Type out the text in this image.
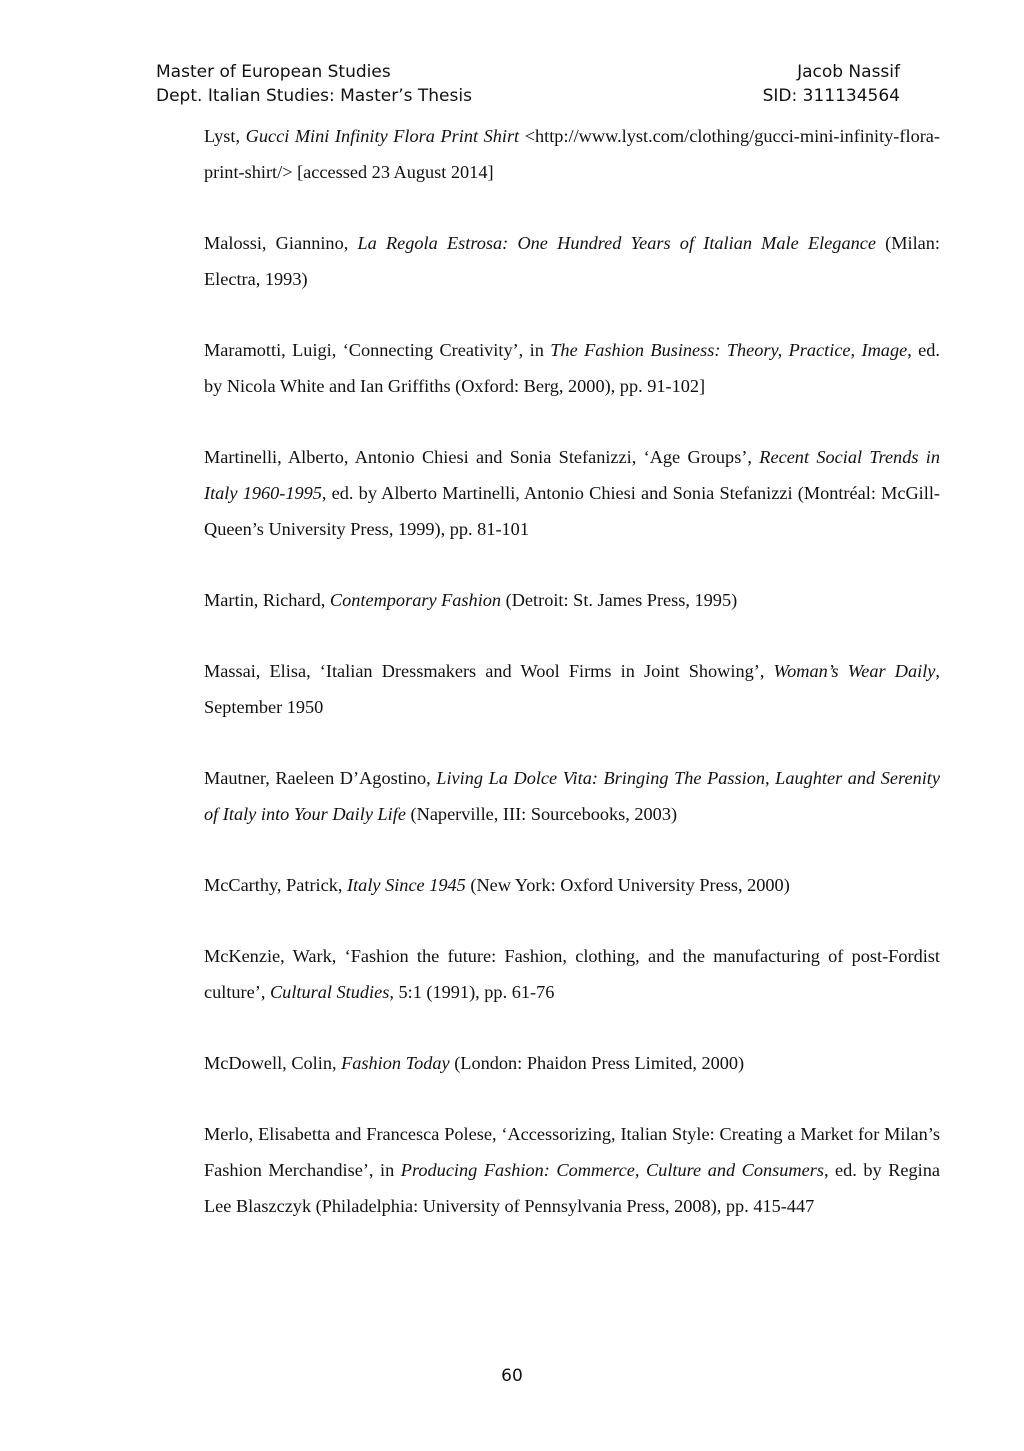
Master of European Studies	Jacob Nassif
Dept. Italian Studies: Master’s Thesis	SID: 311134564

Lyst, Gucci Mini Infinity Flora Print Shirt <http://www.lyst.com/clothing/gucci-mini-infinity-flora-print-shirt/> [accessed 23 August 2014]

Malossi, Giannino, La Regola Estrosa: One Hundred Years of Italian Male Elegance (Milan: Electra, 1993)

Maramotti, Luigi, ‘Connecting Creativity’, in The Fashion Business: Theory, Practice, Image, ed. by Nicola White and Ian Griffiths (Oxford: Berg, 2000), pp. 91-102]

Martinelli, Alberto, Antonio Chiesi and Sonia Stefanizzi, ‘Age Groups’, Recent Social Trends in Italy 1960-1995, ed. by Alberto Martinelli, Antonio Chiesi and Sonia Stefanizzi (Montréal: McGill-Queen’s University Press, 1999), pp. 81-101

Martin, Richard, Contemporary Fashion (Detroit: St. James Press, 1995)

Massai, Elisa, ‘Italian Dressmakers and Wool Firms in Joint Showing’, Woman’s Wear Daily, September 1950

Mautner, Raeleen D’Agostino, Living La Dolce Vita: Bringing The Passion, Laughter and Serenity of Italy into Your Daily Life (Naperville, III: Sourcebooks, 2003)

McCarthy, Patrick, Italy Since 1945 (New York: Oxford University Press, 2000)

McKenzie, Wark, ‘Fashion the future: Fashion, clothing, and the manufacturing of post-Fordist culture’, Cultural Studies, 5:1 (1991), pp. 61-76

McDowell, Colin, Fashion Today (London: Phaidon Press Limited, 2000)

Merlo, Elisabetta and Francesca Polese, ‘Accessorizing, Italian Style: Creating a Market for Milan’s Fashion Merchandise’, in Producing Fashion: Commerce, Culture and Consumers, ed. by Regina Lee Blaszczyk (Philadelphia: University of Pennsylvania Press, 2008), pp. 415-447

60
